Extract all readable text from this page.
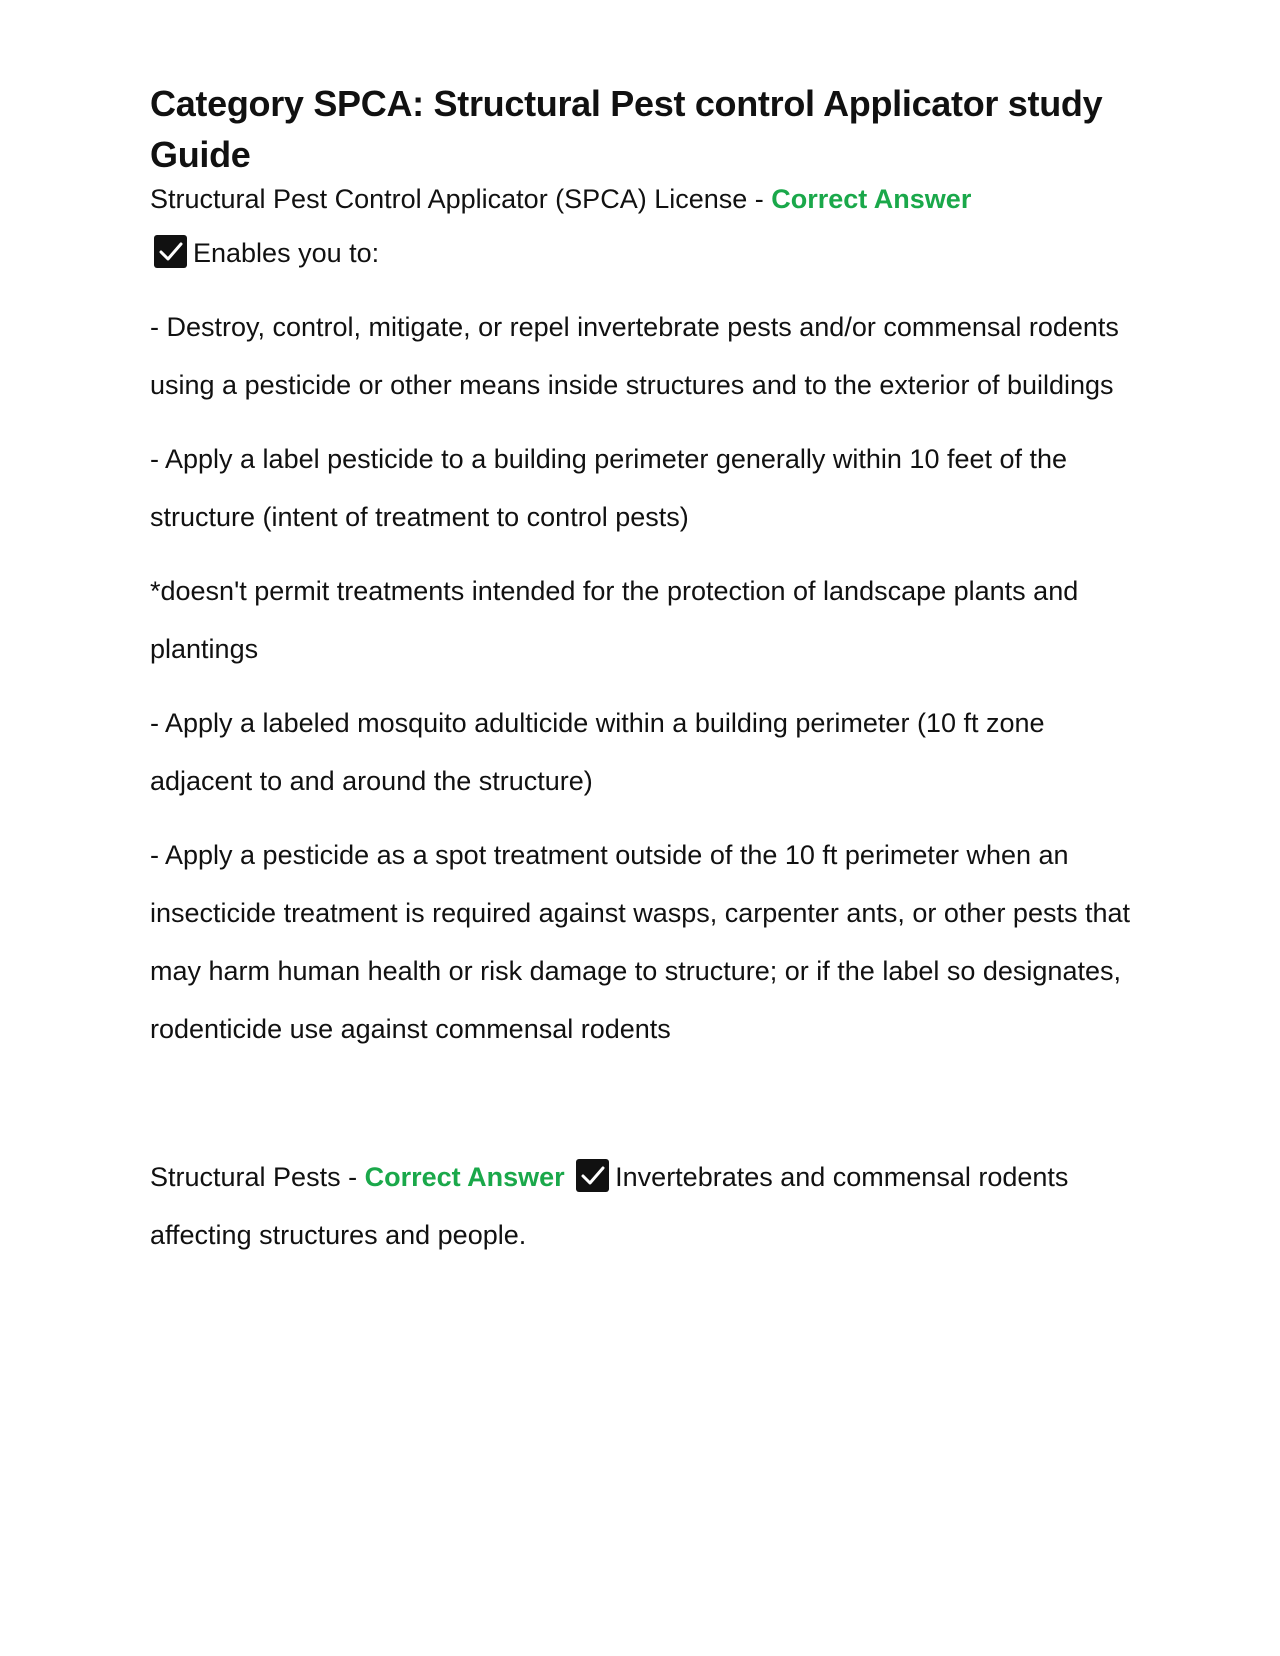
Category SPCA: Structural Pest control Applicator study Guide

Structural Pest Control Applicator (SPCA) License - Correct Answer

Enables you to:

- Destroy, control, mitigate, or repel invertebrate pests and/or commensal rodents using a pesticide or other means inside structures and to the exterior of buildings

- Apply a label pesticide to a building perimeter generally within 10 feet of the structure (intent of treatment to control pests)

*doesn't permit treatments intended for the protection of landscape plants and plantings

- Apply a labeled mosquito adulticide within a building perimeter (10 ft zone adjacent to and around the structure)

- Apply a pesticide as a spot treatment outside of the 10 ft perimeter when an insecticide treatment is required against wasps, carpenter ants, or other pests that may harm human health or risk damage to structure; or if the label so designates, rodenticide use against commensal rodents

Structural Pests - Correct Answer Invertebrates and commensal rodents affecting structures and people.
